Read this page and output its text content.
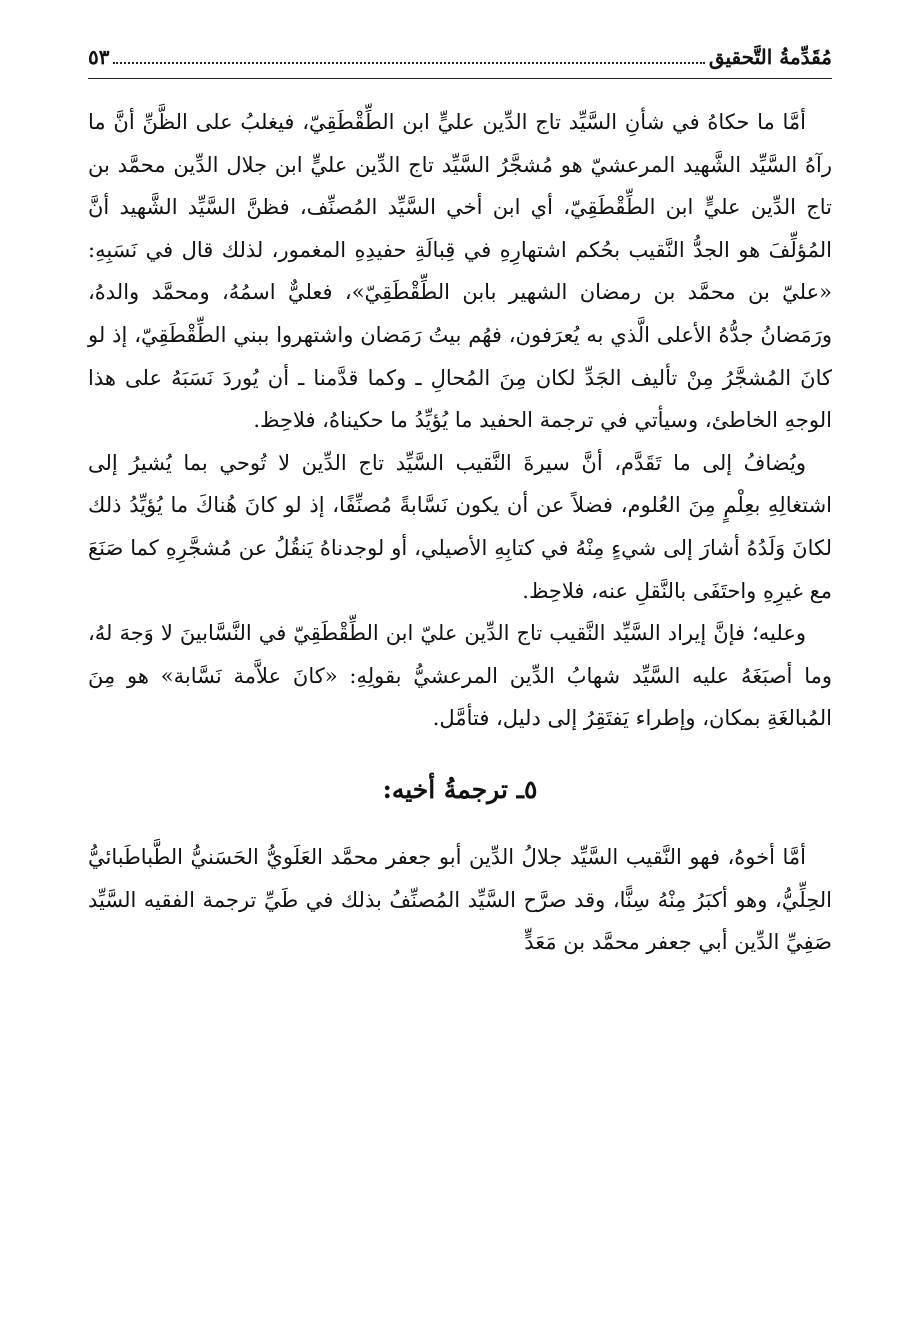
مُقَدِّمةُ التَّحقيق
٥٣

أمَّا ما حكاهُ في شأنِ السَّيِّد تاج الدِّين عليٍّ ابن الطِّقْطَقِيّ، فيغلبُ على الظَّنِّ أنَّ ما رآهُ السَّيِّد الشَّهيد المرعشيّ هو مُشجَّرُ السَّيِّد تاج الدِّين عليٍّ ابن جلال الدِّين محمَّد بن تاج الدِّين عليٍّ ابن الطِّقْطَقِيّ، أي ابن أخي السَّيِّد المُصنِّف، فظنَّ السَّيِّد الشَّهيد أنَّ المُؤلِّفَ هو الجدُّ النَّقيب بحُكم اشتهارِهِ في قِبالَةِ حفيدِهِ المغمور، لذلك قال في نَسَبِهِ: «عليّ بن محمَّد بن رمضان الشهير بابن الطِّقْطَقِيّ»، فعليٌّ اسمُهُ، ومحمَّد والدهُ، ورَمَضانُ جدُّهُ الأعلى الَّذي به يُعرَفون، فهُم بيتُ رَمَضان واشتهروا ببني الطِّقْطَقِيّ، إذ لو كانَ المُشجَّرُ مِنْ تأليف الجَدِّ لكان مِنَ المُحالِ ـ وكما قدَّمنا ـ أن يُوردَ نَسَبَهُ على هذا الوجهِ الخاطئ، وسيأتي في ترجمة الحفيد ما يُؤيِّدُ ما حكيناهُ، فلاحِظ.

ويُضافُ إلى ما تَقَدَّم، أنَّ سيرةَ النَّقيب السَّيِّد تاج الدِّين لا تُوحي بما يُشيرُ إلى اشتغالِهِ بعِلْمٍ مِنَ العُلوم، فضلاً عن أن يكون نَسَّابةً مُصنِّفًا، إذ لو كانَ هُناكَ ما يُؤيِّدُ ذلك لكانَ وَلَدُهُ أشارَ إلى شيءٍ مِنْهُ في كتابِهِ الأصيلي، أو لوجدناهُ يَنقُلُ عن مُشجَّرِهِ كما صَنَعَ مع غيرِهِ واحتَفَى بالنَّقلِ عنه، فلاحِظ.

وعليه؛ فإنَّ إيراد السَّيِّد النَّقيب تاج الدِّين عليّ ابن الطِّقْطَقِيّ في النَّسَّابينَ لا وَجهَ لهُ، وما أصبَغَهُ عليه السَّيِّد شهابُ الدِّين المرعشيُّ بقولِهِ: «كانَ علاَّمة نَسَّابة» هو مِنَ المُبالغَةِ بمكان، وإطراء يَفتَقِرُ إلى دليل، فتأمَّل.

٥ـ ترجمةُ أخيه:

أمَّا أخوهُ، فهو النَّقيب السَّيِّد جلالُ الدِّين أبو جعفر محمَّد العَلَويُّ الحَسَنيُّ الطَّباطَبائيُّ الحِلِّيُّ، وهو أكبَرُ مِنْهُ سِنًّا، وقد صرَّح السَّيِّد المُصنِّفُ بذلك في طَيِّ ترجمة الفقيه السَّيِّد صَفِيِّ الدِّين أبي جعفر محمَّد بن مَعَدٍّ
